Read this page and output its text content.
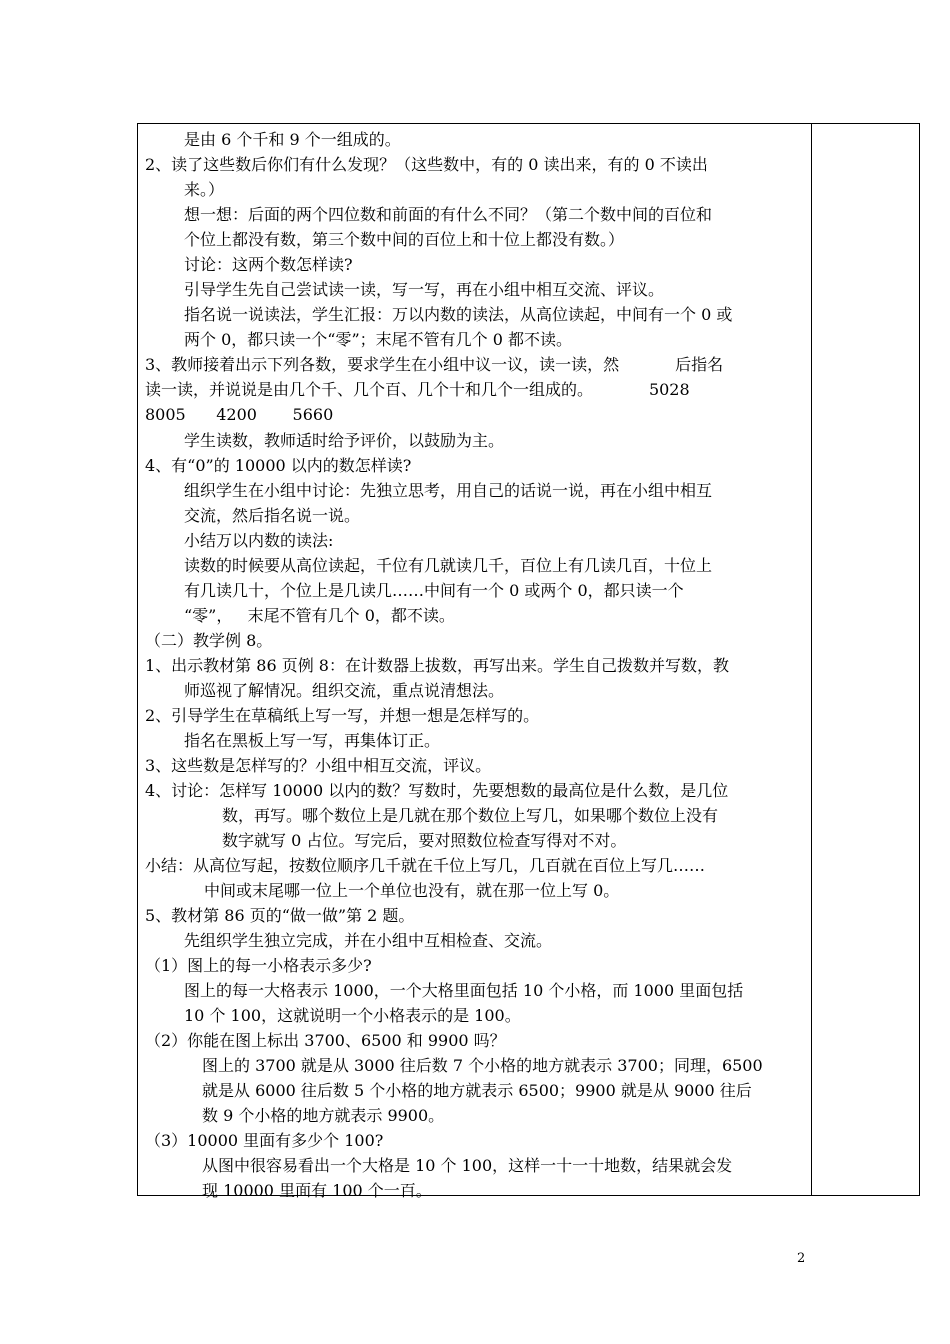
是由 6 个千和 9 个一组成的。
2、读了这些数后你们有什么发现？（这些数中，有的 0 读出来，有的 0 不读出
来。）
想一想：后面的两个四位数和前面的有什么不同？（第二个数中间的百位和
个位上都没有数，第三个数中间的百位上和十位上都没有数。）
讨论：这两个数怎样读?
引导学生先自己尝试读一读，写一写，再在小组中相互交流、评议。
指名说一说读法，学生汇报：万以内数的读法，从高位读起，中间有一个 0 或
两个 0，都只读一个“零”；末尾不管有几个 0 都不读。
3、教师接着出示下列各数，要求学生在小组中议一议，读一读，然           后指名
读一读，并说说是由几个千、几个百、几个十和几个一组成的。           5028
8005      4200       5660
学生读数，教师适时给予评价，以鼓励为主。
4、有“0”的 10000 以内的数怎样读?
组织学生在小组中讨论：先独立思考，用自己的话说一说，再在小组中相互
交流，然后指名说一说。
小结万以内数的读法:
读数的时候要从高位读起，千位有几就读几千，百位上有几读几百，十位上
有几读几十，个位上是几读几……中间有一个 0 或两个 0，都只读一个
“零”，   末尾不管有几个 0，都不读。
（二）教学例 8。
1、出示教材第 86 页例 8：在计数器上拔数，再写出来。学生自己拨数并写数，教
师巡视了解情况。组织交流，重点说清想法。
2、引导学生在草稿纸上写一写，并想一想是怎样写的。
指名在黑板上写一写，再集体订正。
3、这些数是怎样写的？小组中相互交流，评议。
4、讨论：怎样写 10000 以内的数？写数时，先要想数的最高位是什么数，是几位
数，再写。哪个数位上是几就在那个数位上写几，如果哪个数位上没有
数字就写 0 占位。写完后，要对照数位检查写得对不对。
小结：从高位写起，按数位顺序几千就在千位上写几，几百就在百位上写几……
中间或末尾哪一位上一个单位也没有，就在那一位上写 0。
5、教材第 86 页的“做一做”第 2 题。
先组织学生独立完成，并在小组中互相检查、交流。
（1）图上的每一小格表示多少?
图上的每一大格表示 1000，一个大格里面包括 10 个小格，而 1000 里面包括
10 个 100，这就说明一个小格表示的是 100。
（2）你能在图上标出 3700、6500 和 9900 吗？
图上的 3700 就是从 3000 往后数 7 个小格的地方就表示 3700；同理，6500
就是从 6000 往后数 5 个小格的地方就表示 6500；9900 就是从 9000 往后
数 9 个小格的地方就表示 9900。
（3）10000 里面有多少个 100?
从图中很容易看出一个大格是 10 个 100，这样一十一十地数，结果就会发
现 10000 里面有 100 个一百。
2
